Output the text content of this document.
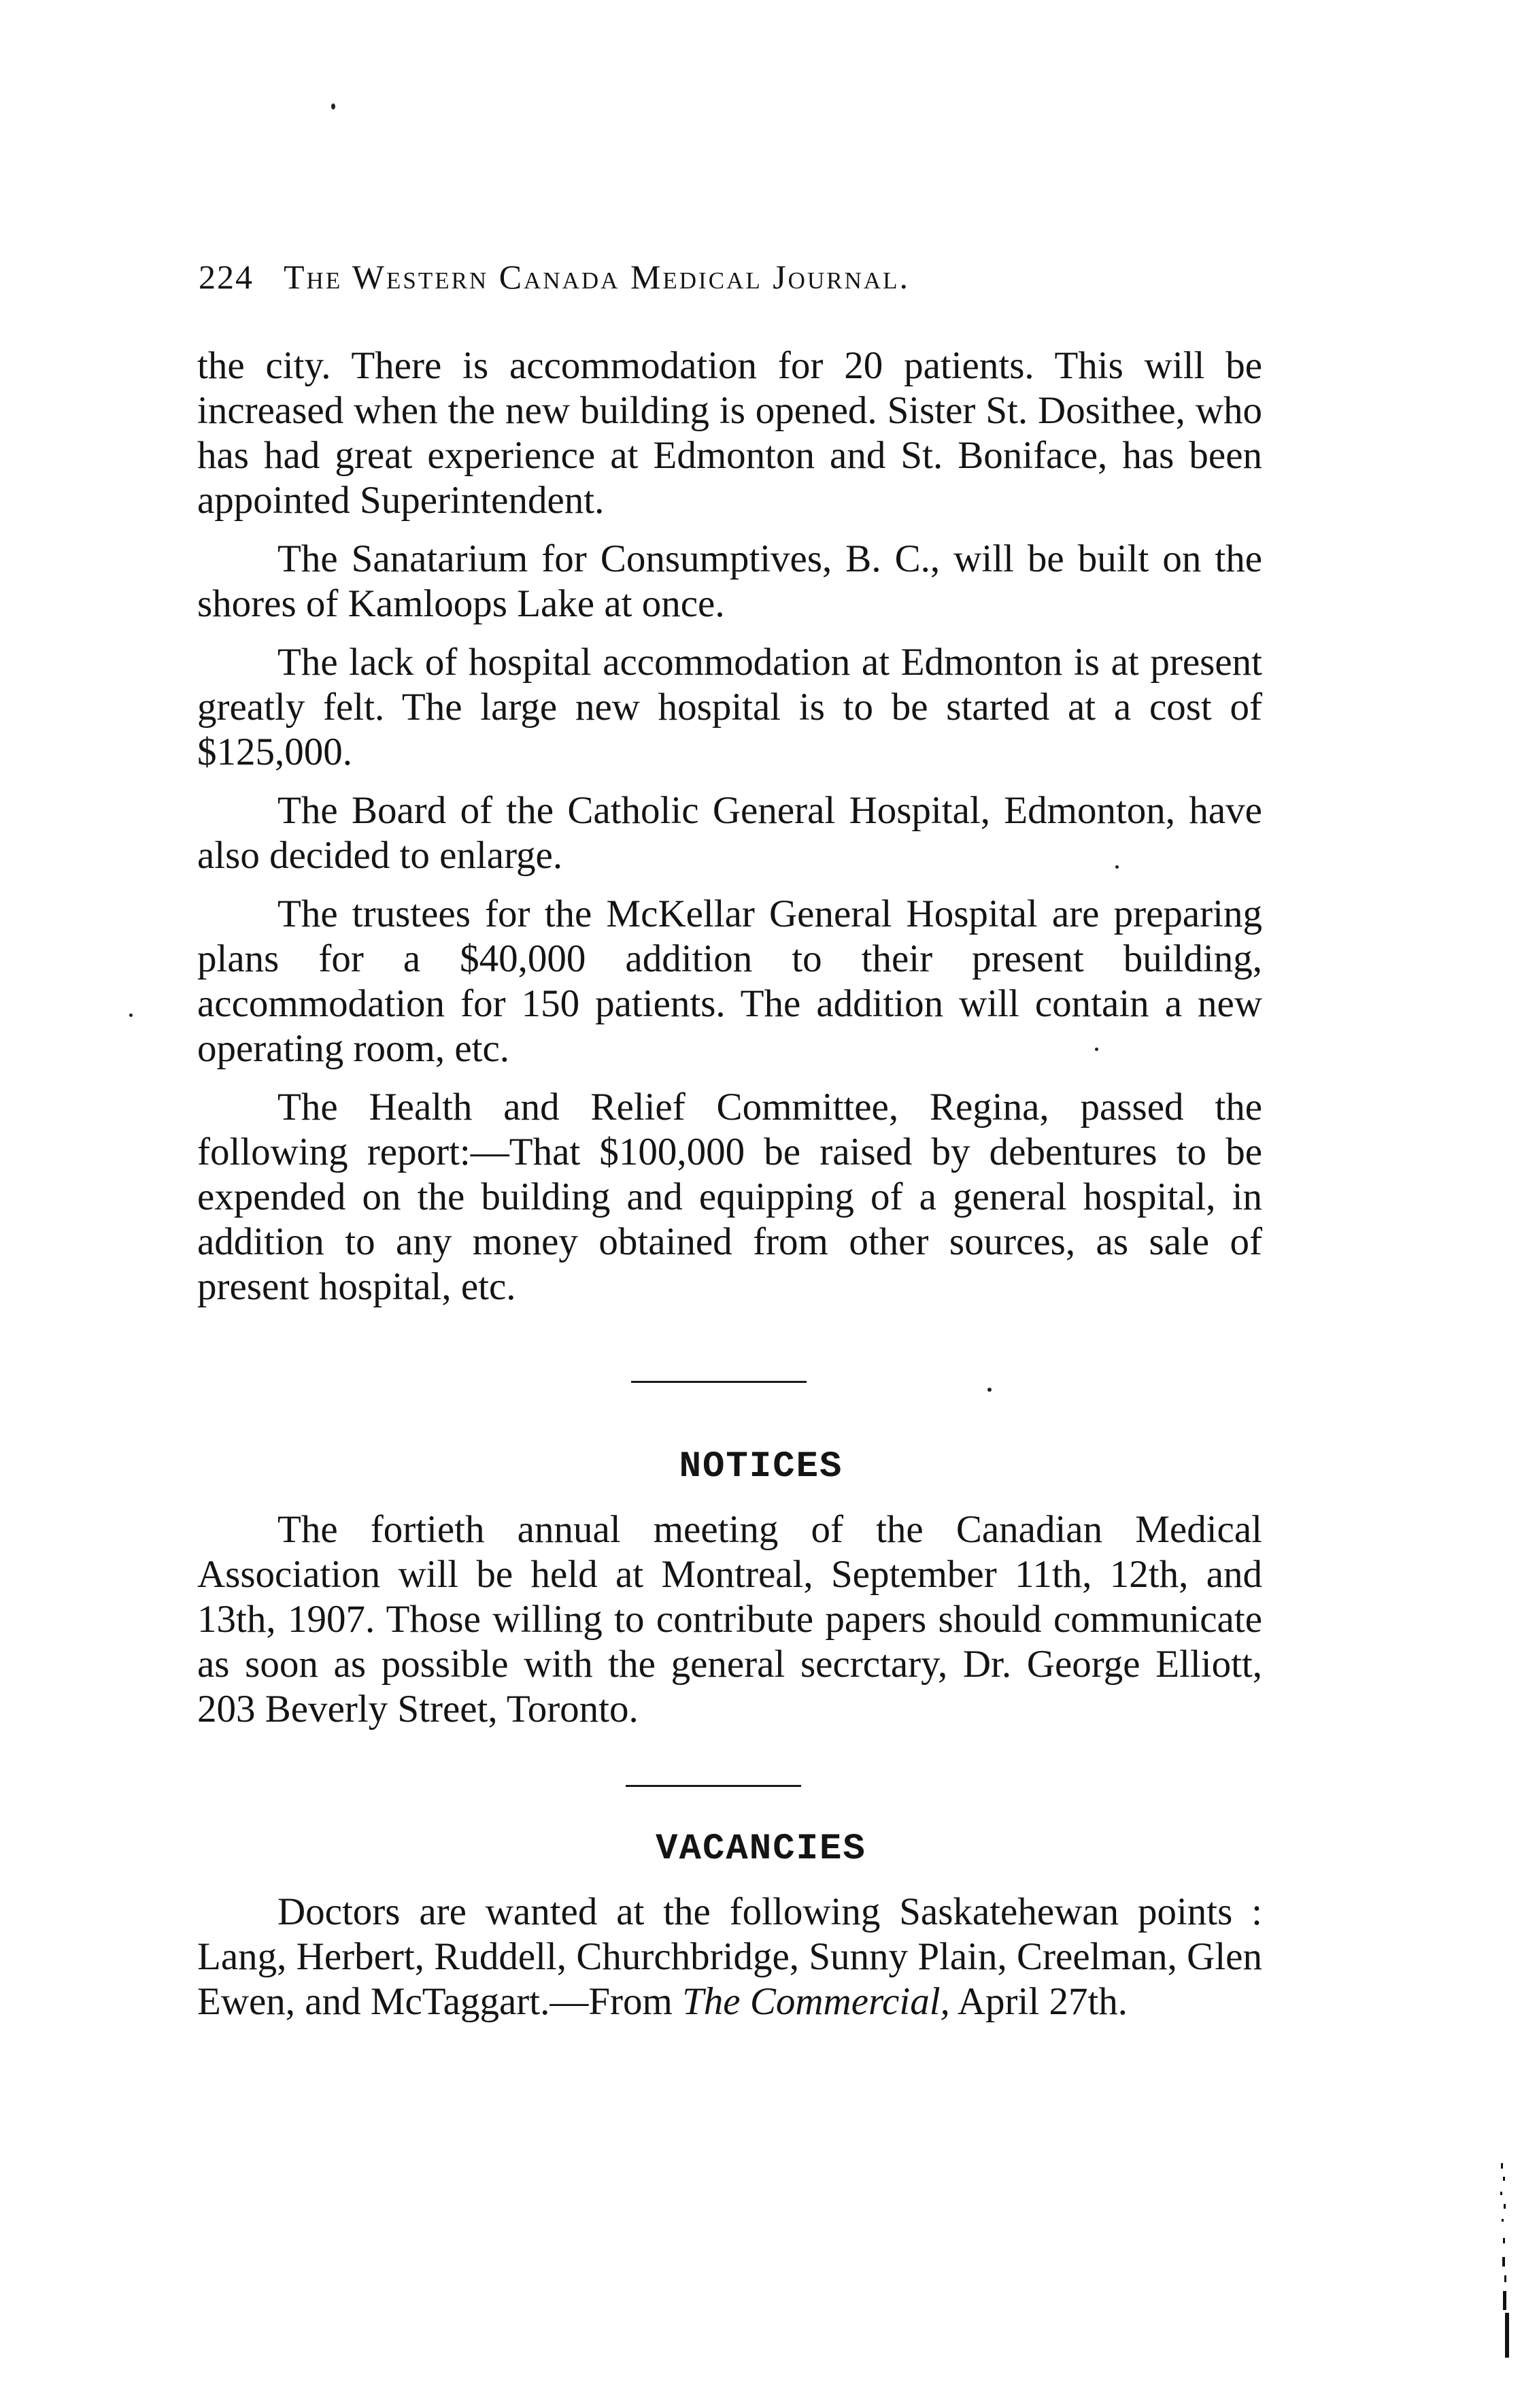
224 The Western Canada Medical Journal.

the city. There is accommodation for 20 patients. This will be increased when the new building is opened. Sister St. Dosithee, who has had great experience at Edmonton and St. Boniface, has been appointed Superintendent.

The Sanatarium for Consumptives, B. C., will be built on the shores of Kamloops Lake at once.

The lack of hospital accommodation at Edmonton is at present greatly felt. The large new hospital is to be started at a cost of $125,000.

The Board of the Catholic General Hospital, Edmonton, have also decided to enlarge.

The trustees for the McKellar General Hospital are preparing plans for a $40,000 addition to their present building, accommodation for 150 patients. The addition will contain a new operating room, etc.

The Health and Relief Committee, Regina, passed the following report:—That $100,000 be raised by debentures to be expended on the building and equipping of a general hospital, in addition to any money obtained from other sources, as sale of present hospital, etc.

NOTICES

The fortieth annual meeting of the Canadian Medical Association will be held at Montreal, September 11th, 12th, and 13th, 1907. Those willing to contribute papers should communicate as soon as possible with the general secrctary, Dr. George Elliott, 203 Beverly Street, Toronto.

VACANCIES

Doctors are wanted at the following Saskatehewan points : Lang, Herbert, Ruddell, Churchbridge, Sunny Plain, Creelman, Glen Ewen, and McTaggart.—From The Commercial, April 27th.
